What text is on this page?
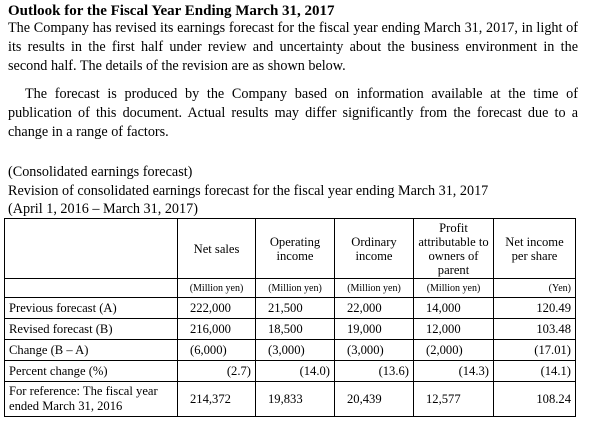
Outlook for the Fiscal Year Ending March 31, 2017

The Company has revised its earnings forecast for the fiscal year ending March 31, 2017, in light of its results in the first half under review and uncertainty about the business environment in the second half. The details of the revision are as shown below.

The forecast is produced by the Company based on information available at the time of publication of this document. Actual results may differ significantly from the forecast due to a change in a range of factors.

(Consolidated earnings forecast)
Revision of consolidated earnings forecast for the fiscal year ending March 31, 2017
(April 1, 2016 – March 31, 2017)
	Net sales	Operating income	Ordinary income	Profit attributable to owners of parent	Net income per share
	(Million yen)	(Million yen)	(Million yen)	(Million yen)	(Yen)
Previous forecast (A)	222,000	21,500	22,000	14,000	120.49
Revised forecast (B)	216,000	18,500	19,000	12,000	103.48
Change (B – A)	(6,000)	(3,000)	(3,000)	(2,000)	(17.01)
Percent change (%)	(2.7)	(14.0)	(13.6)	(14.3)	(14.1)
For reference: The fiscal year ended March 31, 2016	214,372	19,833	20,439	12,577	108.24
